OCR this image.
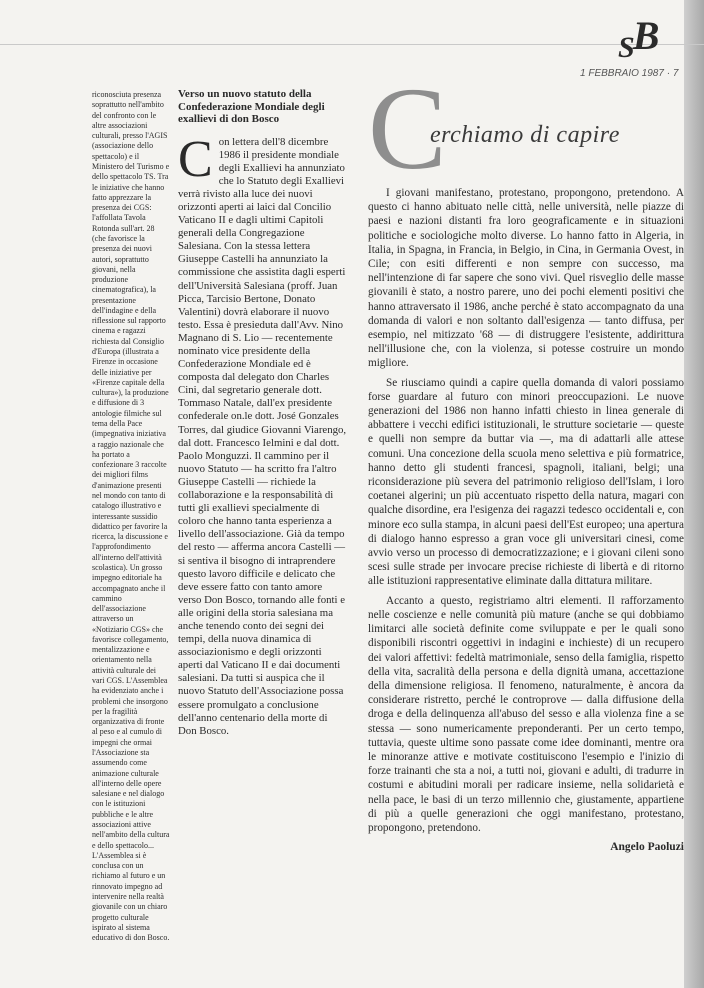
$_S$B
1 FEBBRAIO 1987 · 7

riconosciuta presenza soprattutto nell'ambito del confronto con le altre associazioni culturali, presso l'AGIS (associazione dello spettacolo) e il Ministero del Turismo e dello spettacolo TS. Tra le iniziative che hanno fatto apprezzare la presenza dei CGS: l'affollata Tavola Rotonda sull'art. 28 (che favorisce la presenza dei nuovi autori, soprattutto giovani, nella produzione cinematografica), la presentazione dell'indagine e della riflessione sul rapporto cinema e ragazzi richiesta dal Consiglio d'Europa (illustrata a Firenze in occasione delle iniziative per «Firenze capitale della cultura»), la produzione e diffusione di 3 antologie filmiche sul tema della Pace (impegnativa iniziativa a raggio nazionale che ha portato a confezionare 3 raccolte dei migliori films d'animazione presenti nel mondo con tanto di catalogo illustrativo e interessante sussidio didattico per favorire la ricerca, la discussione e l'approfondimento all'interno dell'attività scolastica). Un grosso impegno editoriale ha accompagnato anche il cammino dell'associazione attraverso un «Notiziario CGS» che favorisce collegamento, mentalizzazione e orientamento nella attività culturale dei vari CGS. L'Assemblea ha evidenziato anche i problemi che insorgono per la fragilità organizzativa di fronte al peso e al cumulo di impegni che ormai l'Associazione sta assumendo come animazione culturale all'interno delle opere salesiane e nel dialogo con le istituzioni pubbliche e le altre associazioni attive nell'ambito della cultura e dello spettacolo... L'Assemblea si è conclusa con un richiamo al futuro e un rinnovato impegno ad intervenire nella realtà giovanile con un chiaro progetto culturale ispirato al sistema educativo di don Bosco.

Verso un nuovo statuto della Confederazione Mondiale degli exallievi di don Bosco
C on lettera dell'8 dicembre 1986 il presidente mondiale degli Exallievi ha annunziato che lo Statuto degli Exallievi verrà rivisto alla luce dei nuovi orizzonti aperti ai laici dal Concilio Vaticano II e dagli ultimi Capitoli generali della Congregazione Salesiana. Con la stessa lettera Giuseppe Castelli ha annunziato la commissione che assistita dagli esperti dell'Università Salesiana (proff. Juan Picca, Tarcisio Bertone, Donato Valentini) dovrà elaborare il nuovo testo. Essa è presieduta dall'Avv. Nino Magnano di S. Lio — recentemente nominato vice presidente della Confederazione Mondiale ed è composta dal delegato don Charles Cini, dal segretario generale dott. Tommaso Natale, dall'ex presidente confederale on.le dott. José Gonzales Torres, dal giudice Giovanni Viarengo, dal dott. Francesco Ielmini e dal dott. Paolo Monguzzi. Il cammino per il nuovo Statuto — ha scritto fra l'altro Giuseppe Castelli — richiede la collaborazione e la responsabilità di tutti gli exallievi specialmente di coloro che hanno tanta esperienza a livello dell'associazione. Già da tempo del resto — afferma ancora Castelli — si sentiva il bisogno di intraprendere questo lavoro difficile e delicato che deve essere fatto con tanto amore verso Don Bosco, tornando alle fonti e alle origini della storia salesiana ma anche tenendo conto dei segni dei tempi, della nuova dinamica di associazionismo e degli orizzonti aperti dal Vaticano II e dai documenti salesiani. Da tutti si auspica che il nuovo Statuto dell'Associazione possa essere promulgato a conclusione dell'anno centenario della morte di Don Bosco.

C
erchiamo di capire

I giovani manifestano, protestano, propongono, pretendono. A questo ci hanno abituato nelle città, nelle università, nelle piazze di paesi e nazioni distanti fra loro geograficamente e in situazioni politiche e sociologiche molto diverse. Lo hanno fatto in Algeria, in Italia, in Spagna, in Francia, in Belgio, in Cina, in Germania Ovest, in Cile; con esiti differenti e non sempre con successo, ma nell'intenzione di far sapere che sono vivi. Quel risveglio delle masse giovanili è stato, a nostro parere, uno dei pochi elementi positivi che hanno attraversato il 1986, anche perché è stato accompagnato da una domanda di valori e non soltanto dall'esigenza — tanto diffusa, per esempio, nel mitizzato '68 — di distruggere l'esistente, addirittura nell'illusione che, con la violenza, si potesse costruire un mondo migliore.

Se riusciamo quindi a capire quella domanda di valori possiamo forse guardare al futuro con minori preoccupazioni. Le nuove generazioni del 1986 non hanno infatti chiesto in linea generale di abbattere i vecchi edifici istituzionali, le strutture societarie — queste e quelli non sempre da buttar via —, ma di adattarli alle attese comuni. Una concezione della scuola meno selettiva e più formatrice, hanno detto gli studenti francesi, spagnoli, italiani, belgi; una riconsiderazione più severa del patrimonio religioso dell'Islam, i loro coetanei algerini; un più accentuato rispetto della natura, magari con qualche disordine, era l'esigenza dei ragazzi tedesco occidentali e, con minore eco sulla stampa, in alcuni paesi dell'Est europeo; una apertura di dialogo hanno espresso a gran voce gli universitari cinesi, come avvio verso un processo di democratizzazione; e i giovani cileni sono scesi sulle strade per invocare precise richieste di libertà e di ritorno alle istituzioni rappresentative eliminate dalla dittatura militare.

Accanto a questo, registriamo altri elementi. Il rafforzamento nelle coscienze e nelle comunità più mature (anche se qui dobbiamo limitarci alle società definite come sviluppate e per le quali sono disponibili riscontri oggettivi in indagini e inchieste) di un recupero dei valori affettivi: fedeltà matrimoniale, senso della famiglia, rispetto della vita, sacralità della persona e della dignità umana, accettazione della dimensione religiosa. Il fenomeno, naturalmente, è ancora da considerare ristretto, perché le controprove — dalla diffusione della droga e della delinquenza all'abuso del sesso e alla violenza fine a se stessa — sono numericamente preponderanti. Per un certo tempo, tuttavia, queste ultime sono passate come idee dominanti, mentre ora le minoranze attive e motivate costituiscono l'esempio e l'inizio di forze trainanti che sta a noi, a tutti noi, giovani e adulti, di tradurre in costumi e abitudini morali per radicare insieme, nella solidarietà e nella pace, le basi di un terzo millennio che, giustamente, appartiene di più a quelle generazioni che oggi manifestano, protestano, propongono, pretendono.

Angelo Paoluzi
